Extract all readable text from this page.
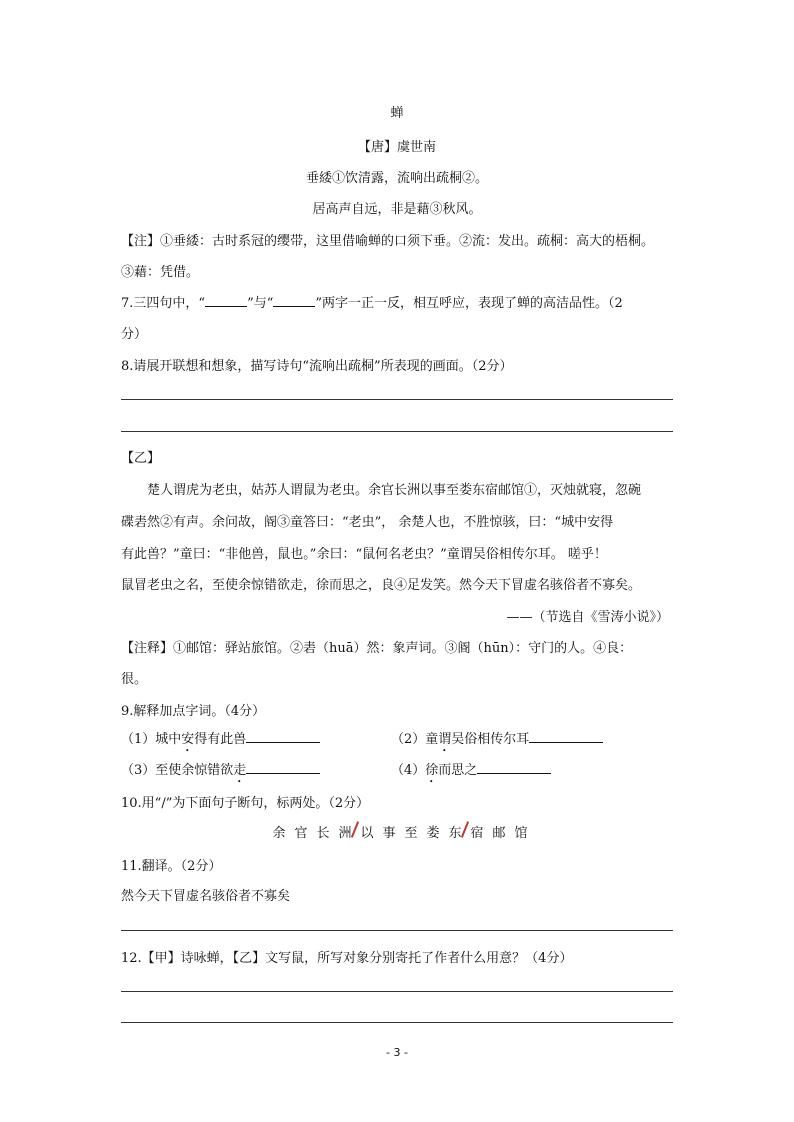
蝉
【唐】虞世南
垂緌①饮清露，流响出疏桐②。
居高声自远，非是藉③秋风。
【注】①垂緌：古时系冠的缨带，这里借喻蝉的口须下垂。②流：发出。疏桐：高大的梧桐。
③藉：凭借。
7.三四句中，“	”与“	”两字一正一反，相互呼应，表现了蝉的高洁品性。（2
分）
8.请展开联想和想象，描写诗句“流响出疏桐”所表现的画面。（2分）
【乙】
楚人谓虎为老虫，姑苏人谓鼠为老虫。余官长洲以事至娄东宿邮馆①，灭烛就寝，忽碗
碟砉然②有声。余问故，阍③童答曰：“老虫”， 余楚人也，不胜惊骇，曰：“城中安得
有此兽？”童曰：“非他兽，鼠也。”余曰：“鼠何名老虫？”童谓吴俗相传尔耳。 嗟乎！
鼠冒老虫之名，至使余惊错欲走，徐而思之，良④足发笑。然今天下冒虚名骇俗者不寡矣。
——（节选自《雪涛小说》）
【注释】①邮馆：驿站旅馆。②砉（huā）然：象声词。③阍（hūn）：守门的人。④良：
很。
9.解释加点字词。（4分）
（1）城中安得有此兽	（2）童谓吴俗相传尔耳
（3）至使余惊错欲走	（4）徐而思之
10.用“/”为下面句子断句，标两处。（2分）
余 官 长 洲 以 事 至 娄 东 宿 邮 馆
11.翻译。（2分）
然今天下冒虚名骇俗者不寡矣
12.【甲】诗咏蝉，【乙】文写鼠，所写对象分别寄托了作者什么用意？（4分）
- 3 -
